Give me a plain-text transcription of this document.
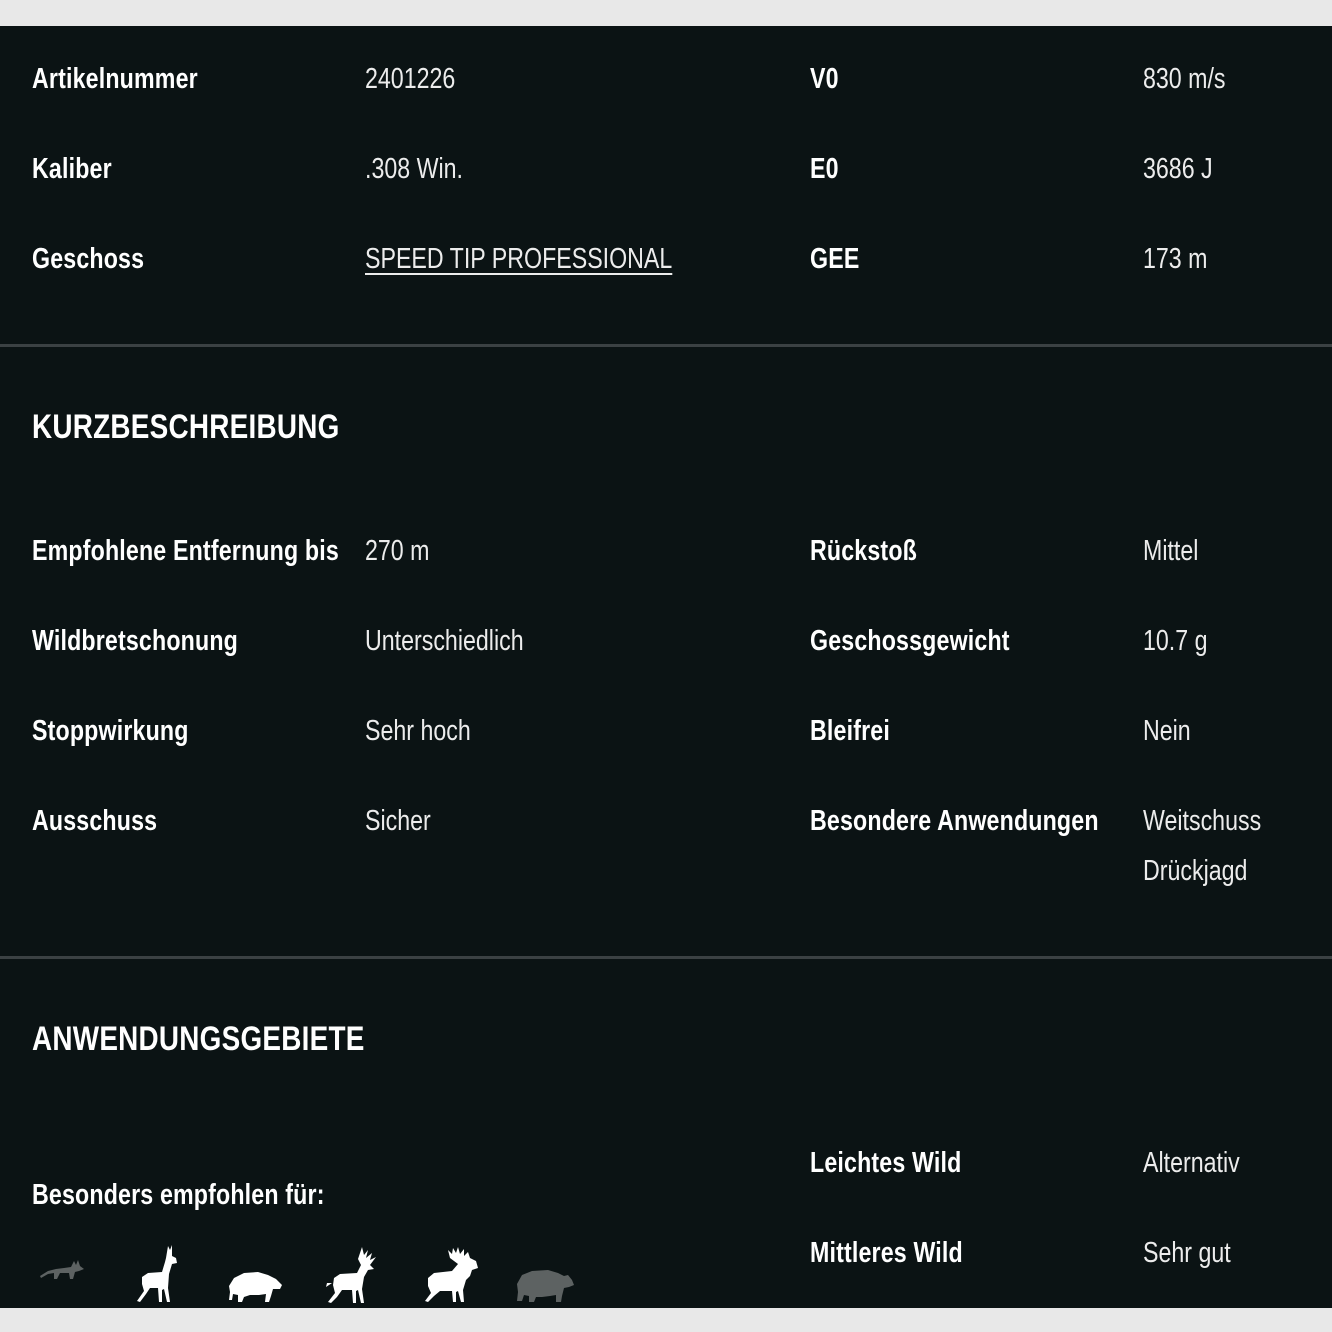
Artikelnummer	2401226
Kaliber	.308 Win.
Geschoss	SPEED TIP PROFESSIONAL
V0	830 m/s
E0	3686 J
GEE	173 m
KURZBESCHREIBUNG
Empfohlene Entfernung bis 270 m
Wildbretschonung	Unterschiedlich
Stoppwirkung	Sehr hoch
Ausschuss	Sicher
Rückstoß	Mittel
Geschossgewicht	10.7 g
Bleifrei	Nein
Besondere Anwendungen Weitschuss
Drückjagd
ANWENDUNGSGEBIETE
Besonders empfohlen für:
Leichtes Wild	Alternativ
Mittleres Wild	Sehr gut
